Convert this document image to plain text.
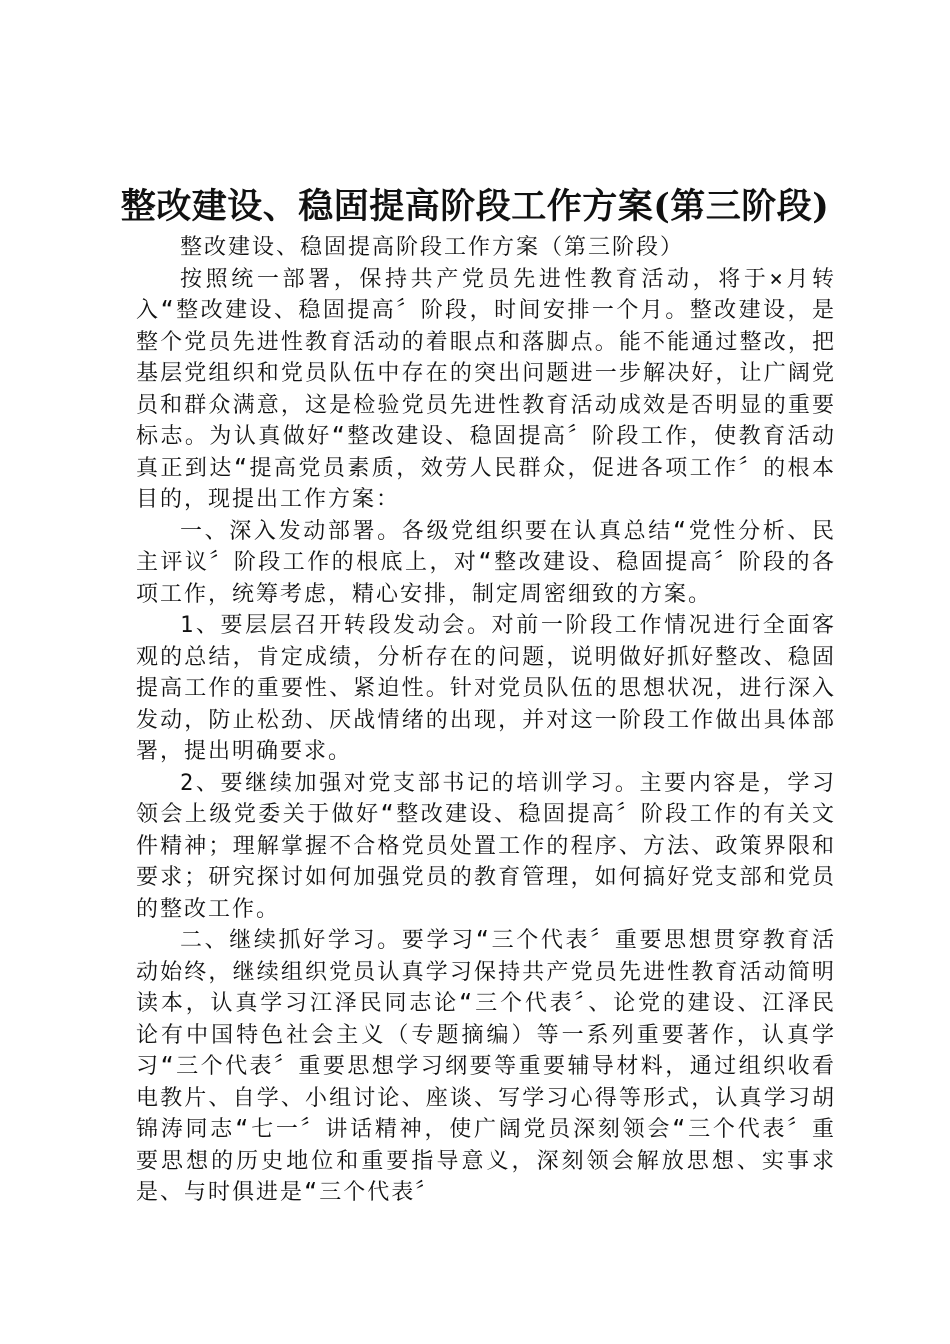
整改建设、稳固提高阶段工作方案(第三阶段)

整改建设、稳固提高阶段工作方案（第三阶段）

按照统一部署，保持共产党员先进性教育活动，将于×月转入“整改建设、稳固提高〞阶段，时间安排一个月。整改建设，是整个党员先进性教育活动的着眼点和落脚点。能不能通过整改，把基层党组织和党员队伍中存在的突出问题进一步解决好，让广阔党员和群众满意，这是检验党员先进性教育活动成效是否明显的重要标志。为认真做好“整改建设、稳固提高〞阶段工作，使教育活动真正到达“提高党员素质，效劳人民群众，促进各项工作〞的根本目的，现提出工作方案：

一、深入发动部署。各级党组织要在认真总结“党性分析、民主评议〞阶段工作的根底上，对“整改建设、稳固提高〞阶段的各项工作，统筹考虑，精心安排，制定周密细致的方案。

1、要层层召开转段发动会。对前一阶段工作情况进行全面客观的总结，肯定成绩，分析存在的问题，说明做好抓好整改、稳固提高工作的重要性、紧迫性。针对党员队伍的思想状况，进行深入发动，防止松劲、厌战情绪的出现，并对这一阶段工作做出具体部署，提出明确要求。

2、要继续加强对党支部书记的培训学习。主要内容是，学习领会上级党委关于做好“整改建设、稳固提高〞阶段工作的有关文件精神；理解掌握不合格党员处置工作的程序、方法、政策界限和要求；研究探讨如何加强党员的教育管理，如何搞好党支部和党员的整改工作。

二、继续抓好学习。要学习“三个代表〞重要思想贯穿教育活动始终，继续组织党员认真学习保持共产党员先进性教育活动简明读本，认真学习江泽民同志论“三个代表〞、论党的建设、江泽民论有中国特色社会主义（专题摘编）等一系列重要著作，认真学习“三个代表〞重要思想学习纲要等重要辅导材料，通过组织收看电教片、自学、小组讨论、座谈、写学习心得等形式，认真学习胡锦涛同志“七一〞讲话精神，使广阔党员深刻领会“三个代表〞重要思想的历史地位和重要指导意义，深刻领会解放思想、实事求是、与时俱进是“三个代表〞
